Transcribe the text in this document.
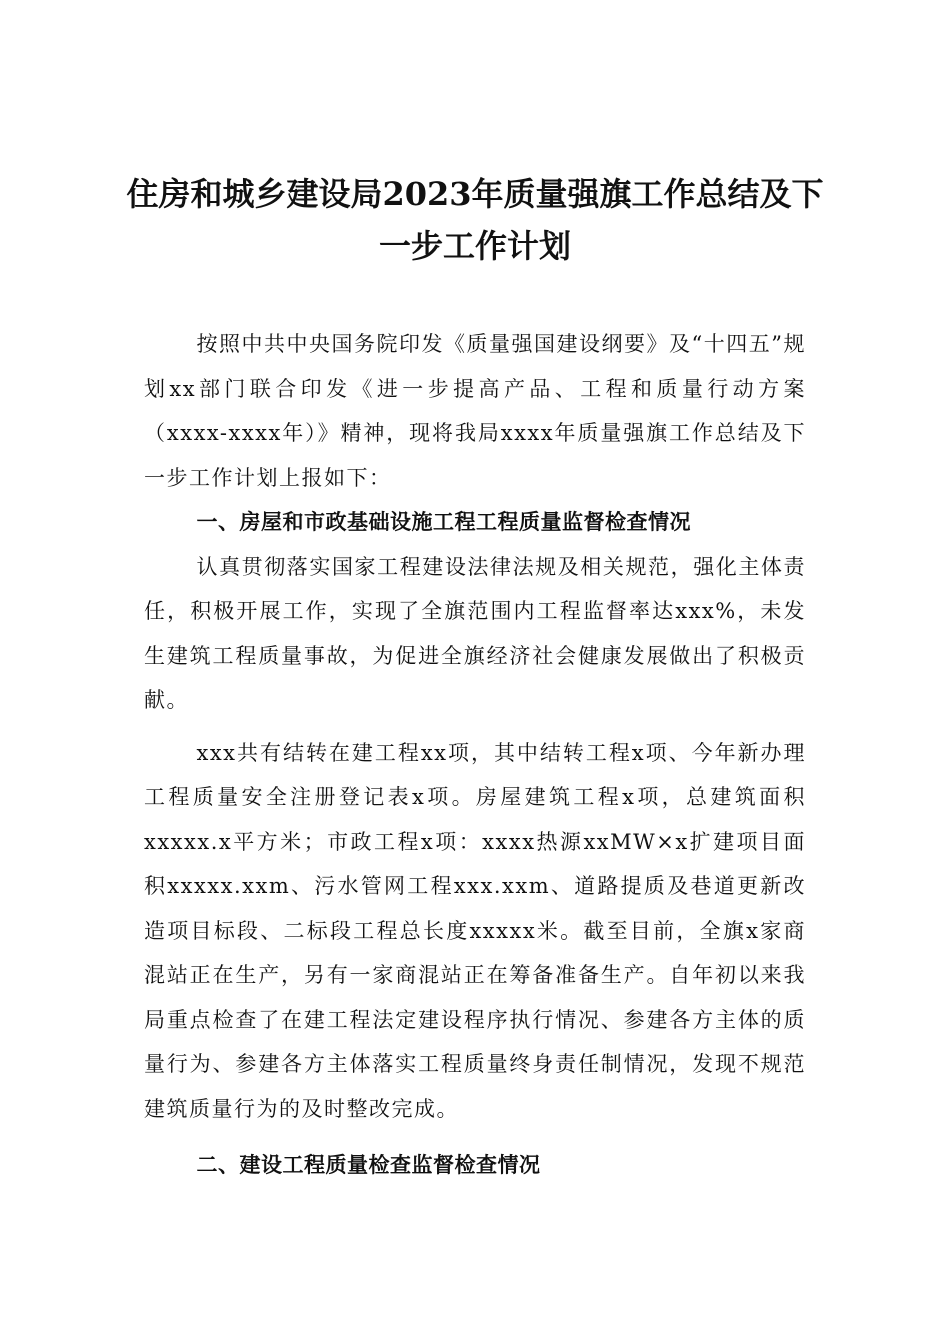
住房和城乡建设局2023年质量强旗工作总结及下一步工作计划

按照中共中央国务院印发《质量强国建设纲要》及“十四五”规划xx部门联合印发《进一步提高产品、工程和质量行动方案（xxxx-xxxx年）》精神，现将我局xxxx年质量强旗工作总结及下一步工作计划上报如下：

一、房屋和市政基础设施工程工程质量监督检查情况

认真贯彻落实国家工程建设法律法规及相关规范，强化主体责任，积极开展工作，实现了全旗范围内工程监督率达xxx%，未发生建筑工程质量事故，为促进全旗经济社会健康发展做出了积极贡献。

xxx共有结转在建工程xx项，其中结转工程x项、今年新办理工程质量安全注册登记表x项。房屋建筑工程x项，总建筑面积xxxxx.x平方米；市政工程x项：xxxx热源xxMW×x扩建项目面积xxxxx.xxm、污水管网工程xxx.xxm、道路提质及巷道更新改造项目标段、二标段工程总长度xxxxx米。截至目前，全旗x家商混站正在生产，另有一家商混站正在筹备准备生产。自年初以来我局重点检查了在建工程法定建设程序执行情况、参建各方主体的质量行为、参建各方主体落实工程质量终身责任制情况，发现不规范建筑质量行为的及时整改完成。

二、建设工程质量检查监督检查情况
